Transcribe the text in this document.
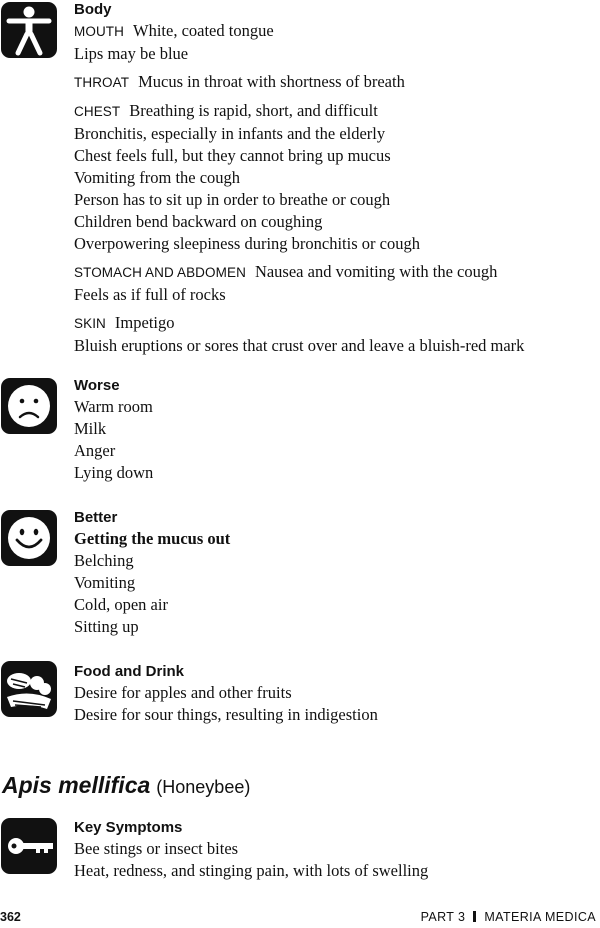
Body

MOUTH White, coated tongue

Lips may be blue

THROAT Mucus in throat with shortness of breath

CHEST Breathing is rapid, short, and difficult

Bronchitis, especially in infants and the elderly

Chest feels full, but they cannot bring up mucus

Vomiting from the cough

Person has to sit up in order to breathe or cough

Children bend backward on coughing

Overpowering sleepiness during bronchitis or cough

STOMACH AND ABDOMEN Nausea and vomiting with the cough

Feels as if full of rocks

SKIN Impetigo

Bluish eruptions or sores that crust over and leave a bluish-red mark

Worse

Warm room

Milk

Anger

Lying down

Better

Getting the mucus out

Belching

Vomiting

Cold, open air

Sitting up

Food and Drink

Desire for apples and other fruits

Desire for sour things, resulting in indigestion

Apis mellifica (Honeybee)

Key Symptoms

Bee stings or insect bites

Heat, redness, and stinging pain, with lots of swelling

362	PART 3 MATERIA MEDICA
